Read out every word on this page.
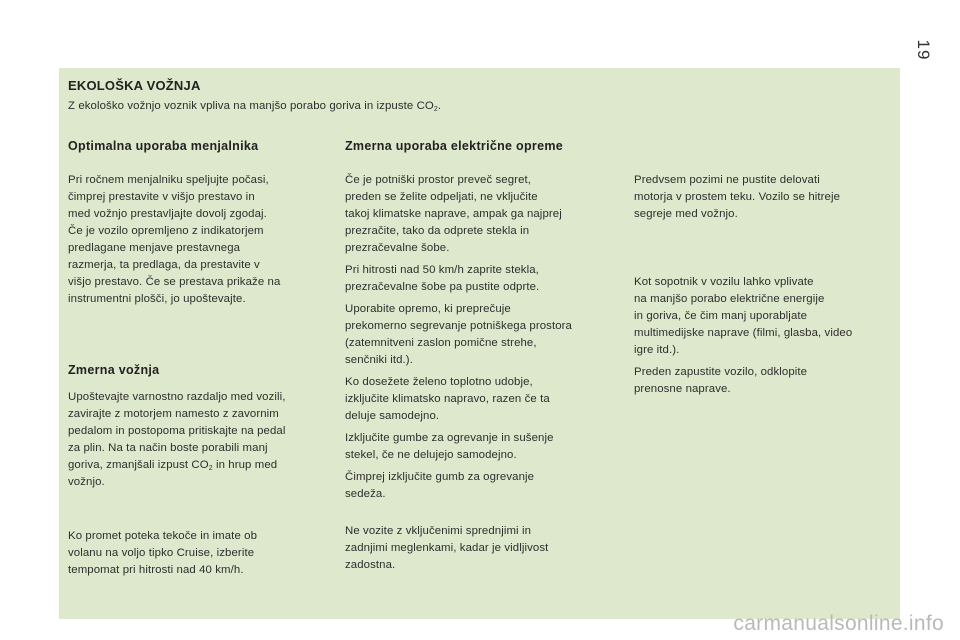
19
EKOLOŠKA VOŽNJA
Z ekološko vožnjo voznik vpliva na manjšo porabo goriva in izpuste $CO_2$.
Optimalna uporaba menjalnika
Pri ročnem menjalniku speljujte počasi,
čimprej prestavite v višjo prestavo in
med vožnjo prestavljajte dovolj zgodaj.
Če je vozilo opremljeno z indikatorjem
predlagane menjave prestavnega
razmerja, ta predlaga, da prestavite v
višjo prestavo. Če se prestava prikaže na
instrumentni plošči, jo upoštevajte.
Zmerna vožnja
Upoštevajte varnostno razdaljo med vozili,
zavirajte z motorjem namesto z zavornim
pedalom in postopoma pritiskajte na pedal
za plin. Na ta način boste porabili manj
goriva, zmanjšali izpust $CO_2$ in hrup med
vožnjo.
Ko promet poteka tekoče in imate ob
volanu na voljo tipko Cruise, izberite
tempomat pri hitrosti nad 40 km/h.
Zmerna uporaba električne opreme
Če je potniški prostor preveč segret,
preden se želite odpeljati, ne vključite
takoj klimatske naprave, ampak ga najprej
prezračite, tako da odprete stekla in
prezračevalne šobe.
Pri hitrosti nad 50 km/h zaprite stekla,
prezračevalne šobe pa pustite odprte.
Uporabite opremo, ki preprečuje
prekomerno segrevanje potniškega prostora
(zatemnitveni zaslon pomične strehe,
senčniki itd.).
Ko dosežete želeno toplotno udobje,
izključite klimatsko napravo, razen če ta
deluje samodejno.
Izključite gumbe za ogrevanje in sušenje
stekel, če ne delujejo samodejno.
Čimprej izključite gumb za ogrevanje
sedeža.
Ne vozite z vključenimi sprednjimi in
zadnjimi meglenkami, kadar je vidljivost
zadostna.
Predvsem pozimi ne pustite delovati
motorja v prostem teku. Vozilo se hitreje
segreje med vožnjo.
Kot sopotnik v vozilu lahko vplivate
na manjšo porabo električne energije
in goriva, če čim manj uporabljate
multimedijske naprave (filmi, glasba, video
igre itd.).
Preden zapustite vozilo, odklopite
prenosne naprave.
carmanualsonline.info
